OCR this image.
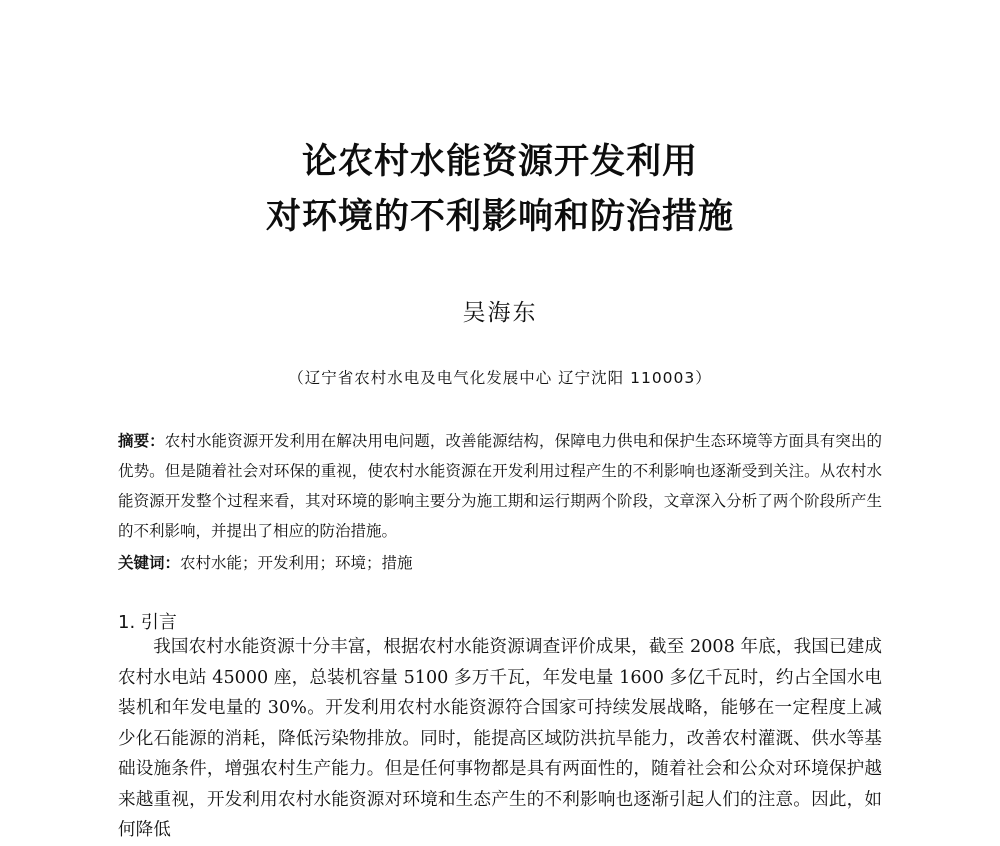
论农村水能资源开发利用
对环境的不利影响和防治措施
吴海东
（辽宁省农村水电及电气化发展中心 辽宁沈阳 110003）
摘要：农村水能资源开发利用在解决用电问题，改善能源结构，保障电力供电和保护生态环境等方面具有突出的优势。但是随着社会对环保的重视，使农村水能资源在开发利用过程产生的不利影响也逐渐受到关注。从农村水能资源开发整个过程来看，其对环境的影响主要分为施工期和运行期两个阶段，文章深入分析了两个阶段所产生的不利影响，并提出了相应的防治措施。
关键词：农村水能；开发利用；环境；措施
1. 引言
我国农村水能资源十分丰富，根据农村水能资源调查评价成果，截至 2008 年底，我国已建成农村水电站 45000 座，总装机容量 5100 多万千瓦，年发电量 1600 多亿千瓦时，约占全国水电装机和年发电量的 30%。开发利用农村水能资源符合国家可持续发展战略，能够在一定程度上减少化石能源的消耗，降低污染物排放。同时，能提高区域防洪抗旱能力，改善农村灌溉、供水等基础设施条件，增强农村生产能力。但是任何事物都是具有两面性的，随着社会和公众对环境保护越来越重视，开发利用农村水能资源对环境和生态产生的不利影响也逐渐引起人们的注意。因此，如何降低
